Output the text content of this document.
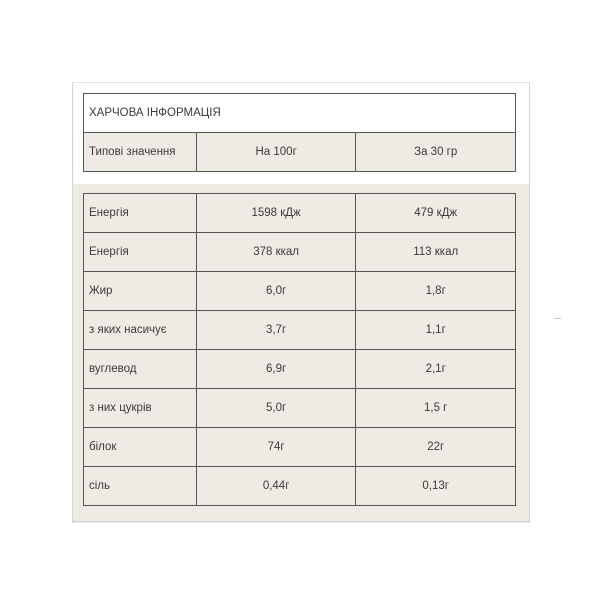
ХАРЧОВА ІНФОРМАЦІЯ
Типові значення	На 100г	За 30 гр
Енергія	1598 кДж	479 кДж
Енергія	378 ккал	113 ккал
Жир	6,0г	1,8г
з яких насичує	3,7г	1,1г
вуглевод	6,9г	2,1г
з них цукрів	5,0г	1,5 г
білок	74г	22г
сіль	0,44г	0,13г
